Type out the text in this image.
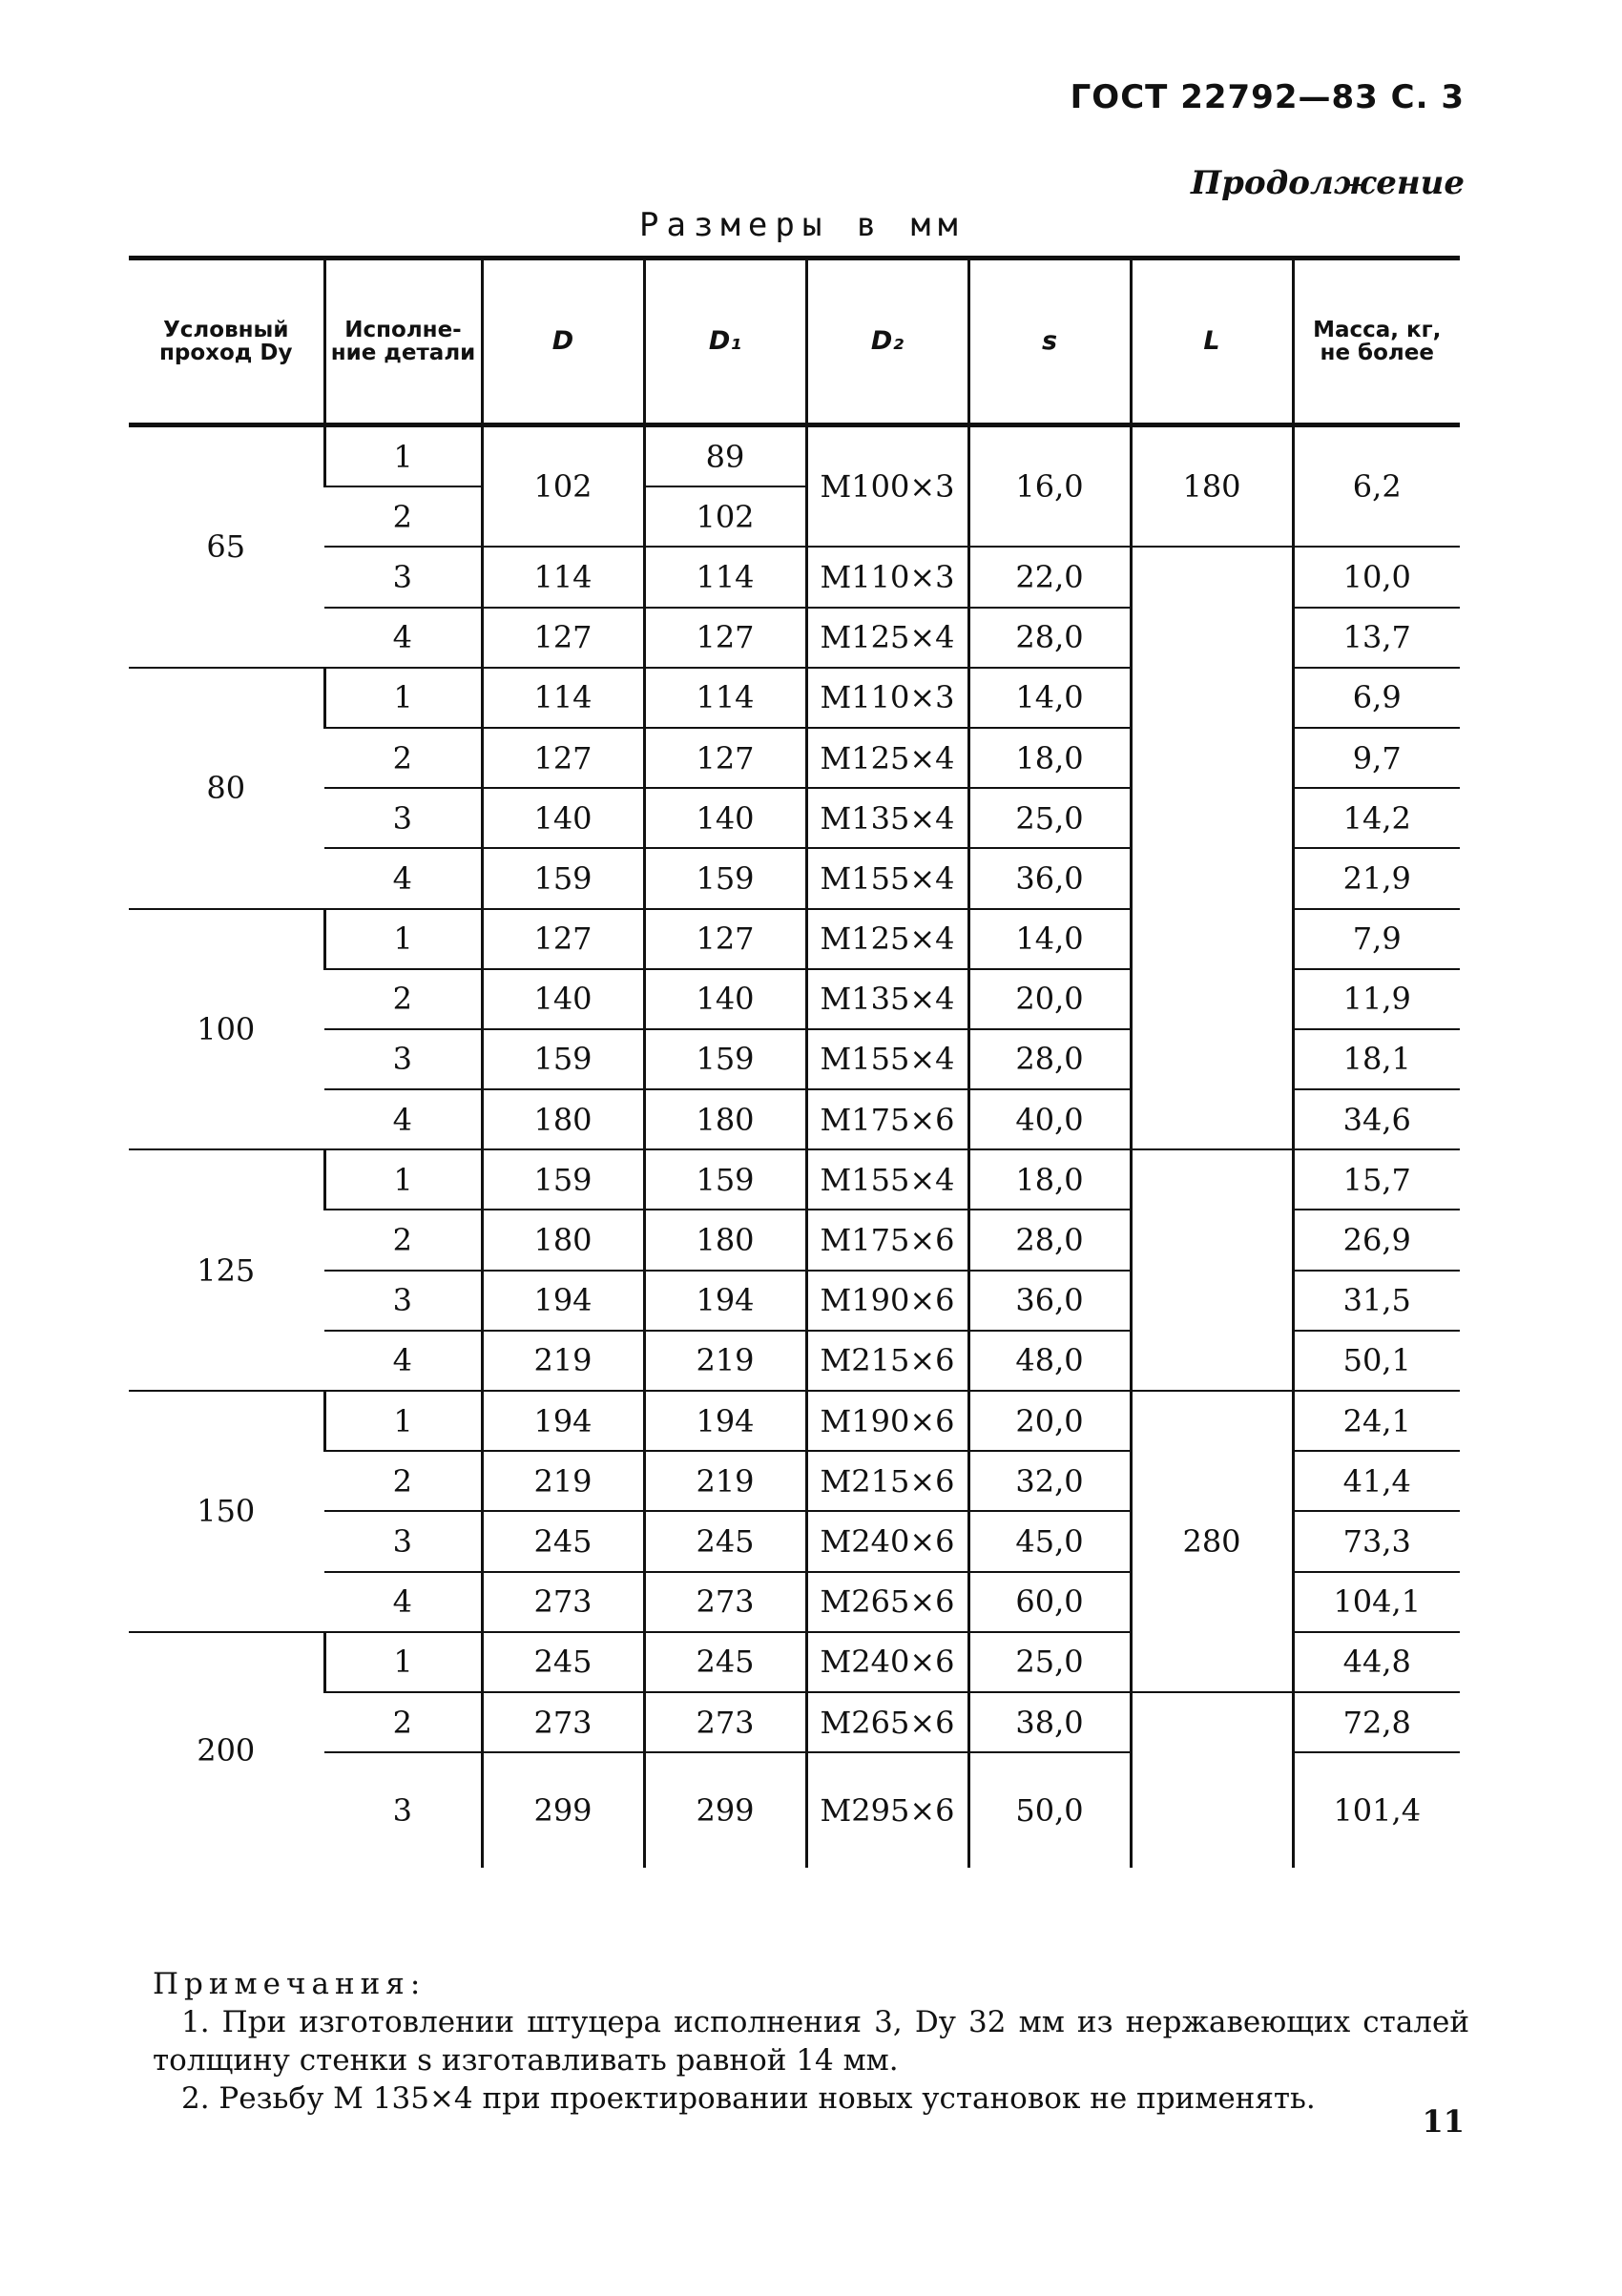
ГОСТ 22792—83 С. 3
Продолжение
Размеры в мм
Условный проход Dу	Исполне-ние детали	D	D₁	D₂	s	L	Масса, кг, не более
65	1	102	89	M100×3	16,0	180	6,2
	2		102				
	3	114	114	M110×3	22,0		10,0
	4	127	127	M125×4	28,0		13,7
80	1	114	114	M110×3	14,0		6,9
	2	127	127	M125×4	18,0		9,7
	3	140	140	M135×4	25,0		14,2
	4	159	159	M155×4	36,0		21,9
100	1	127	127	M125×4	14,0		7,9
	2	140	140	M135×4	20,0		11,9
	3	159	159	M155×4	28,0		18,1
	4	180	180	M175×6	40,0		34,6
125	1	159	159	M155×4	18,0		15,7
	2	180	180	M175×6	28,0		26,9
	3	194	194	M190×6	36,0		31,5
	4	219	219	M215×6	48,0		50,1
150	1	194	194	M190×6	20,0	280	24,1
	2	219	219	M215×6	32,0		41,4
	3	245	245	M240×6	45,0		73,3
	4	273	273	M265×6	60,0		104,1
200	1	245	245	M240×6	25,0		44,8
	2	273	273	M265×6	38,0		72,8
	3	299	299	M295×6	50,0		101,4
Примечания:
1. При изготовлении штуцера исполнения 3, Dу 32 мм из нержавеющих сталей толщину стенки s изготавливать равной 14 мм.
2. Резьбу M 135×4 при проектировании новых установок не применять.
11
